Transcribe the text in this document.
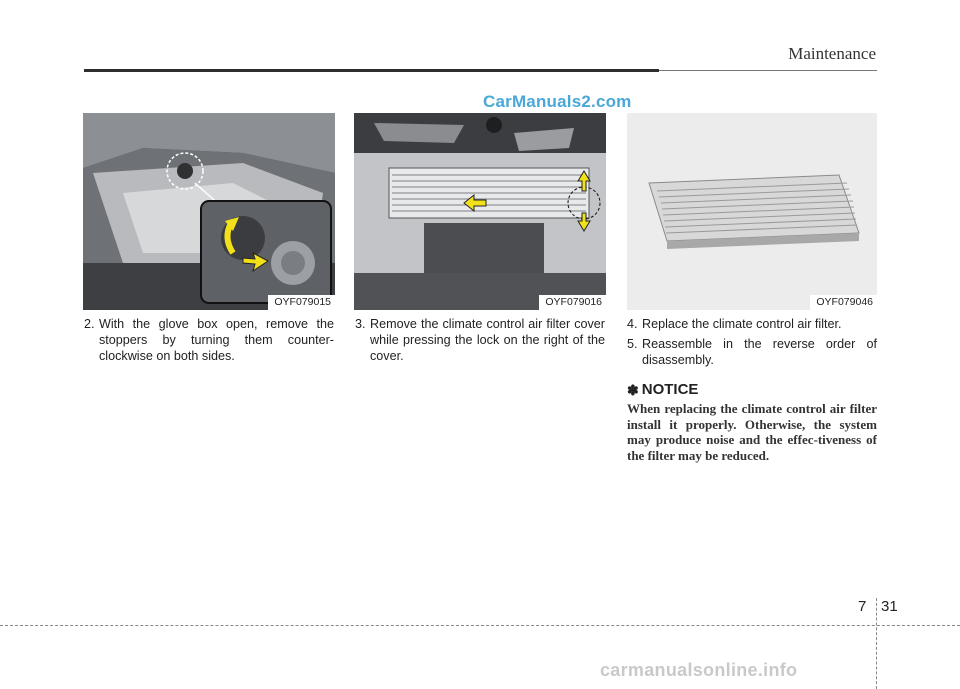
Maintenance
CarManuals2.com
OYF079015	OYF079016	OYF079046
2. With the glove box open, remove the stoppers by turning them counter-clockwise on both sides.
3. Remove the climate control air filter cover while pressing the lock on the right of the cover.
4. Replace the climate control air filter.
5. Reassemble in the reverse order of disassembly.
✽ NOTICE
When replacing the climate control air filter install it properly. Otherwise, the system may produce noise and the effec-tiveness of the filter may be reduced.
7 31
carmanualsonline.info
